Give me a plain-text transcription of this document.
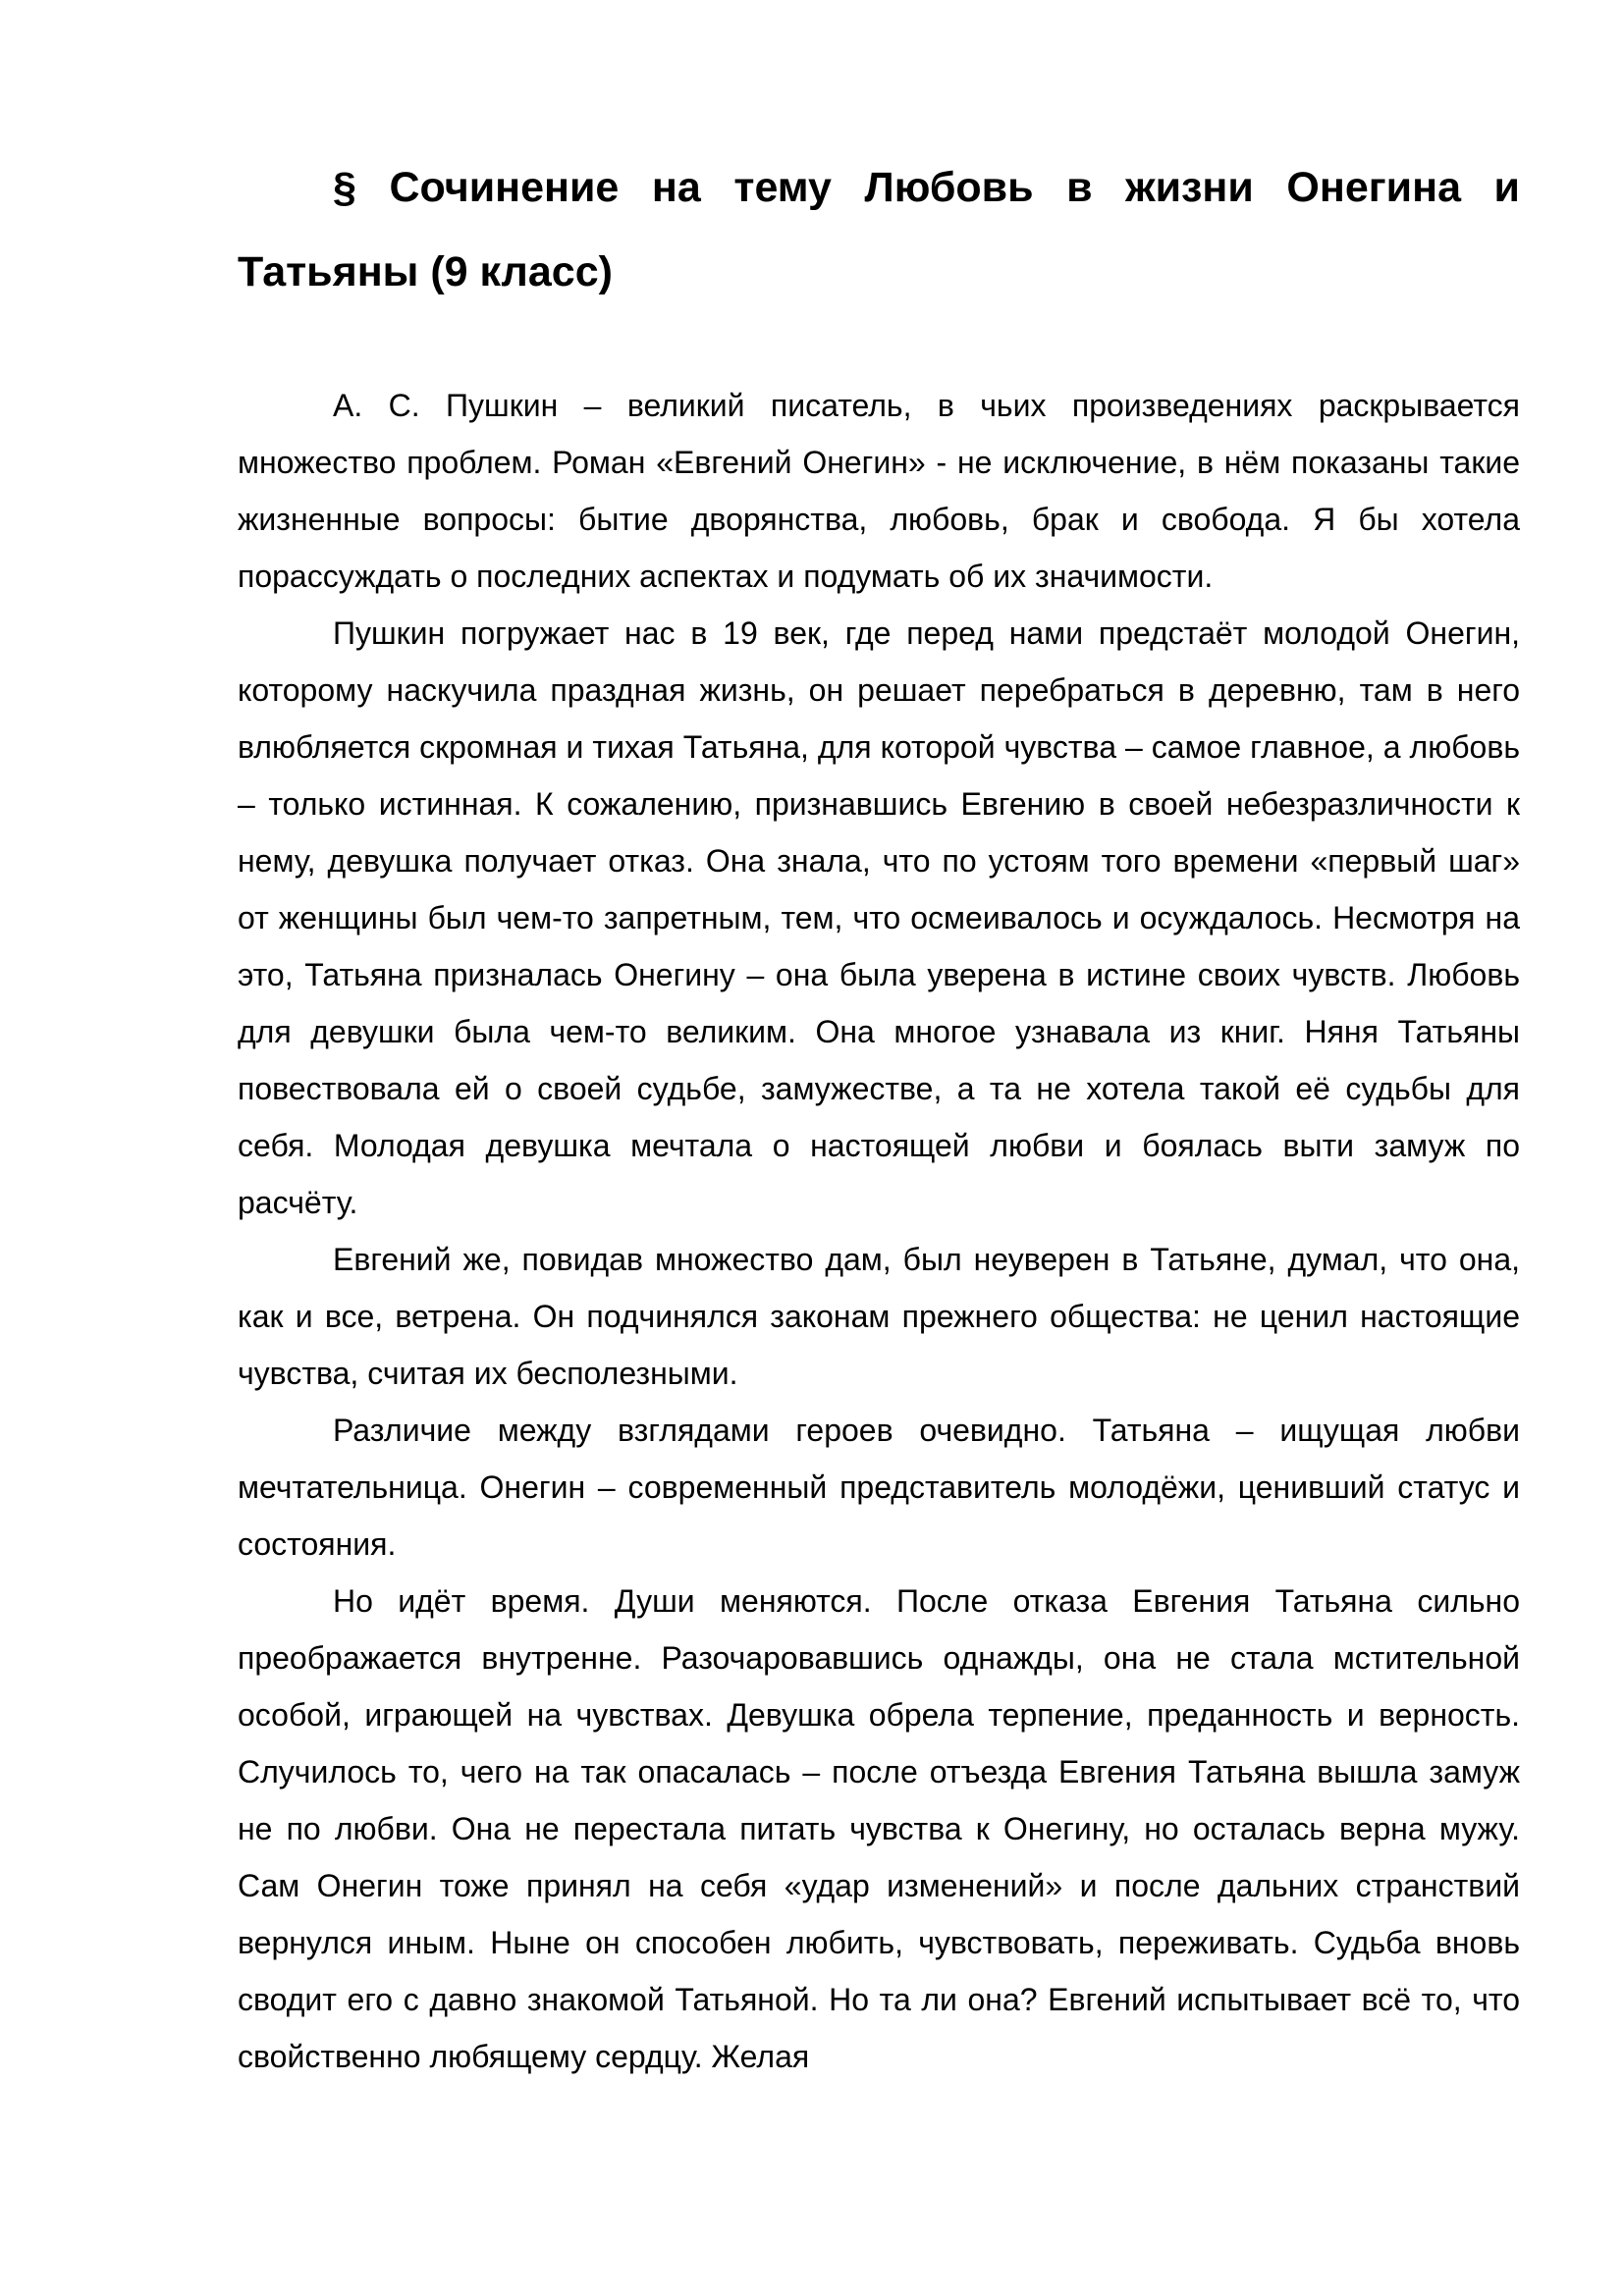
§ Сочинение на тему Любовь в жизни Онегина и Татьяны (9 класс)

А. С. Пушкин – великий писатель, в чьих произведениях раскрывается множество проблем. Роман «Евгений Онегин» - не исключение, в нём показаны такие жизненные вопросы: бытие дворянства, любовь, брак и свобода. Я бы хотела порассуждать о последних аспектах и подумать об их значимости.

Пушкин погружает нас в 19 век, где перед нами предстаёт молодой Онегин, которому наскучила праздная жизнь, он решает перебраться в деревню, там в него влюбляется скромная и тихая Татьяна, для которой чувства – самое главное, а любовь – только истинная. К сожалению, признавшись Евгению в своей небезразличности к нему, девушка получает отказ. Она знала, что по устоям того времени «первый шаг» от женщины был чем-то запретным, тем, что осмеивалось и осуждалось. Несмотря на это, Татьяна призналась Онегину – она была уверена в истине своих чувств. Любовь для девушки была чем-то великим. Она многое узнавала из книг. Няня Татьяны повествовала ей о своей судьбе, замужестве, а та не хотела такой её судьбы для себя. Молодая девушка мечтала о настоящей любви и боялась выти замуж по расчёту.

Евгений же, повидав множество дам, был неуверен в Татьяне, думал, что она, как и все, ветрена. Он подчинялся законам прежнего общества: не ценил настоящие чувства, считая их бесполезными.

Различие между взглядами героев очевидно. Татьяна – ищущая любви мечтательница. Онегин – современный представитель молодёжи, ценивший статус и состояния.

Но идёт время. Души меняются. После отказа Евгения Татьяна сильно преображается внутренне. Разочаровавшись однажды, она не стала мстительной особой, играющей на чувствах. Девушка обрела терпение, преданность и верность. Случилось то, чего на так опасалась – после отъезда Евгения Татьяна вышла замуж не по любви. Она не перестала питать чувства к Онегину, но осталась верна мужу. Сам Онегин тоже принял на себя «удар изменений» и после дальних странствий вернулся иным. Ныне он способен любить, чувствовать, переживать. Судьба вновь сводит его с давно знакомой Татьяной. Но та ли она? Евгений испытывает всё то, что свойственно любящему сердцу. Желая
